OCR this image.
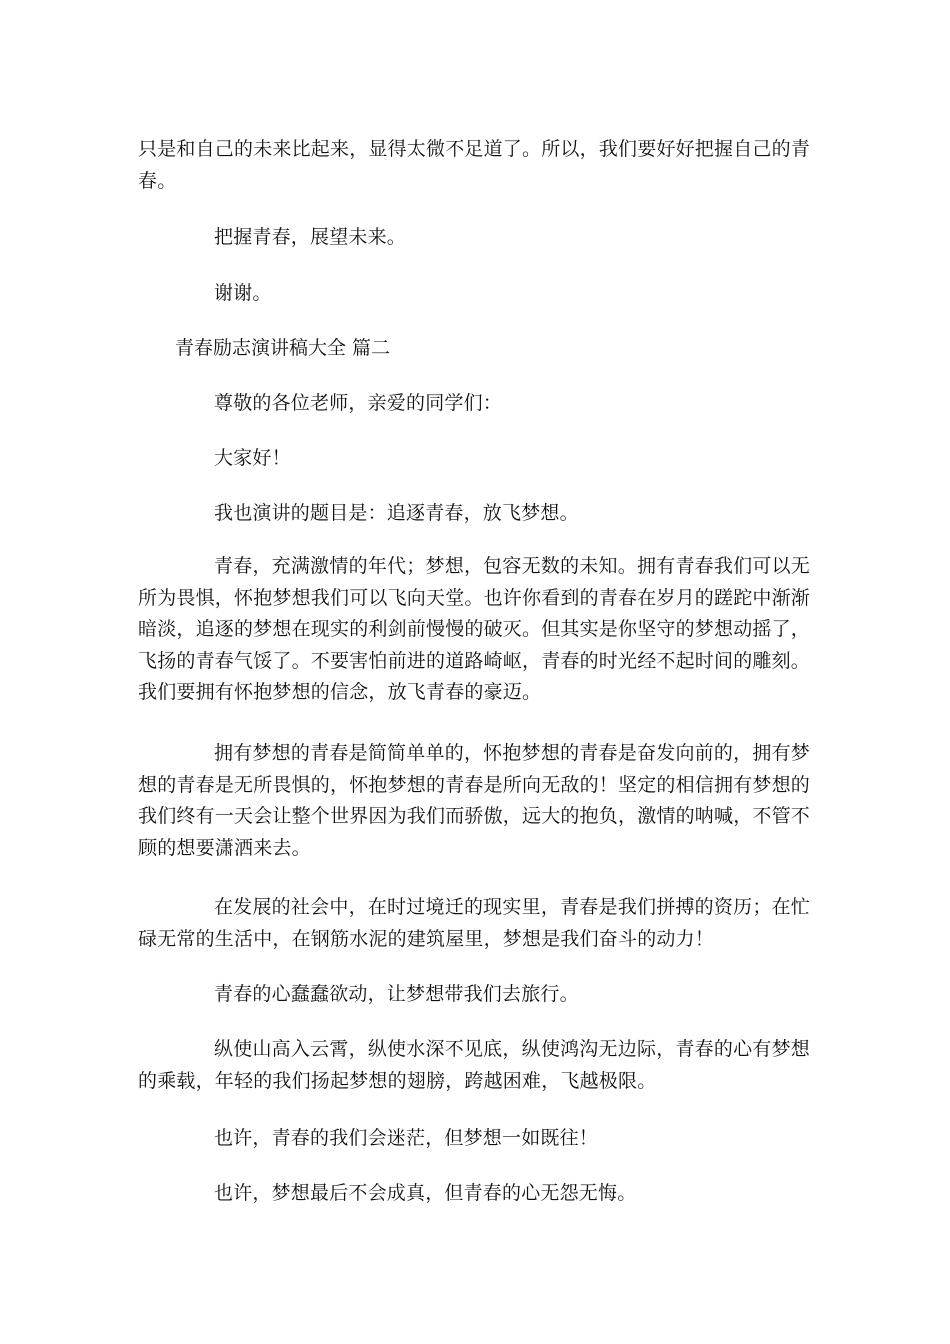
只是和自己的未来比起来，显得太微不足道了。所以，我们要好好把握自己的青春。

把握青春，展望未来。

谢谢。

青春励志演讲稿大全 篇二

尊敬的各位老师，亲爱的同学们：

大家好！

我也演讲的题目是：追逐青春，放飞梦想。

青春，充满激情的年代；梦想，包容无数的未知。拥有青春我们可以无所为畏惧，怀抱梦想我们可以飞向天堂。也许你看到的青春在岁月的蹉跎中渐渐暗淡，追逐的梦想在现实的利剑前慢慢的破灭。但其实是你坚守的梦想动摇了，飞扬的青春气馁了。不要害怕前进的道路崎岖，青春的时光经不起时间的雕刻。我们要拥有怀抱梦想的信念，放飞青春的豪迈。

拥有梦想的青春是简简单单的，怀抱梦想的青春是奋发向前的，拥有梦想的青春是无所畏惧的，怀抱梦想的青春是所向无敌的！坚定的相信拥有梦想的我们终有一天会让整个世界因为我们而骄傲，远大的抱负，激情的呐喊，不管不顾的想要潇洒来去。

在发展的社会中，在时过境迁的现实里，青春是我们拼搏的资历；在忙碌无常的生活中，在钢筋水泥的建筑屋里，梦想是我们奋斗的动力！

青春的心蠢蠢欲动，让梦想带我们去旅行。

纵使山高入云霄，纵使水深不见底，纵使鸿沟无边际，青春的心有梦想的乘载，年轻的我们扬起梦想的翅膀，跨越困难，飞越极限。

也许，青春的我们会迷茫，但梦想一如既往！

也许，梦想最后不会成真，但青春的心无怨无悔。
